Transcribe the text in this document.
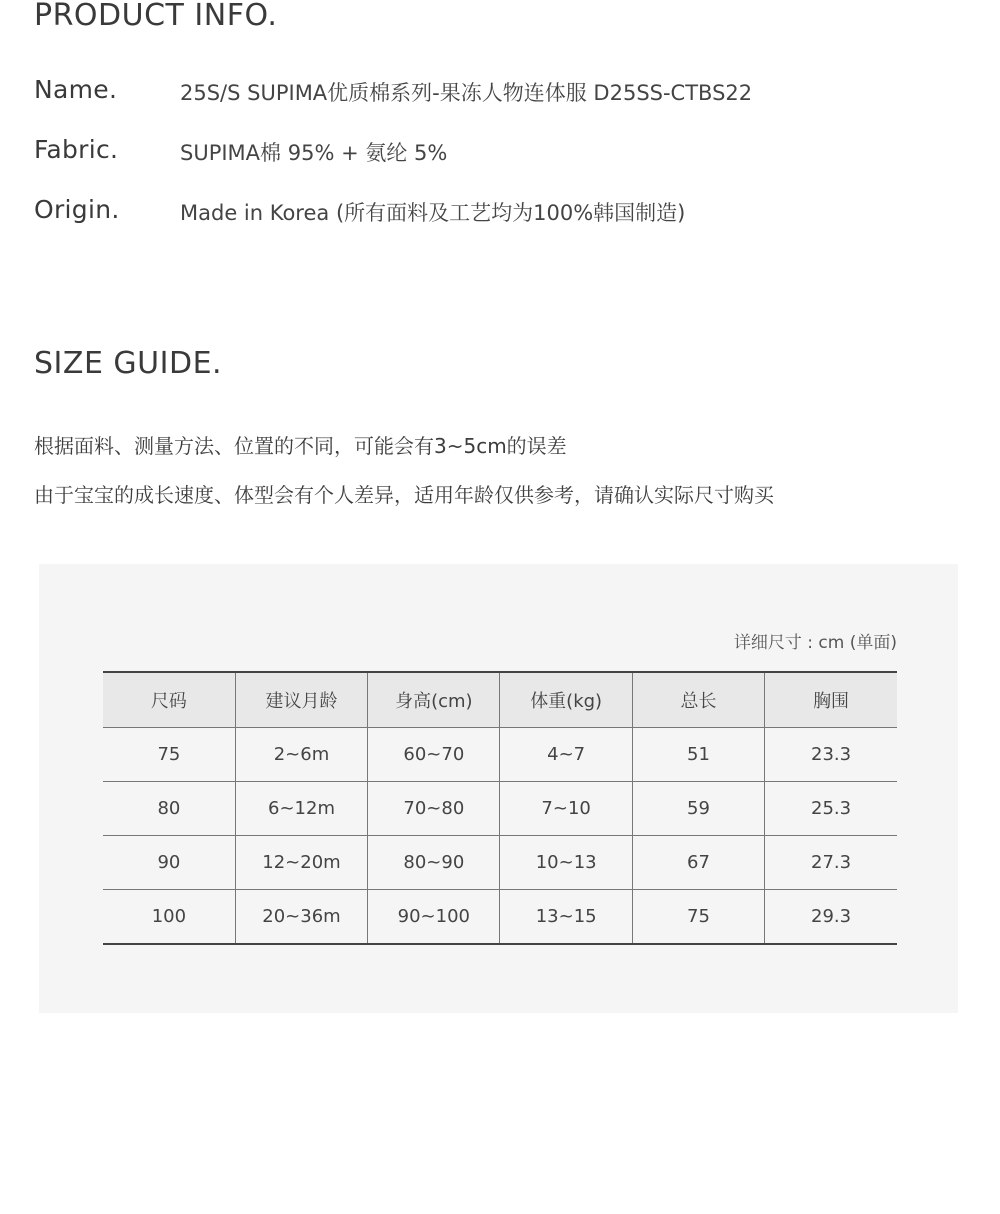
PRODUCT INFO.
Name.	25S/S SUPIMA优质棉系列-果冻人物连体服 D25SS-CTBS22
Fabric.	SUPIMA棉 95% + 氨纶 5%
Origin.	Made in Korea (所有面料及工艺均为100%韩国制造)
SIZE GUIDE.

根据面料、测量方法、位置的不同，可能会有3~5cm的误差

由于宝宝的成长速度、体型会有个人差异，适用年龄仅供参考，请确认实际尺寸购买

详细尺寸 : cm (单面)
尺码	建议月龄	身高(cm)	体重(kg)	总长	胸围
75	2~6m	60~70	4~7	51	23.3
80	6~12m	70~80	7~10	59	25.3
90	12~20m	80~90	10~13	67	27.3
100	20~36m	90~100	13~15	75	29.3
